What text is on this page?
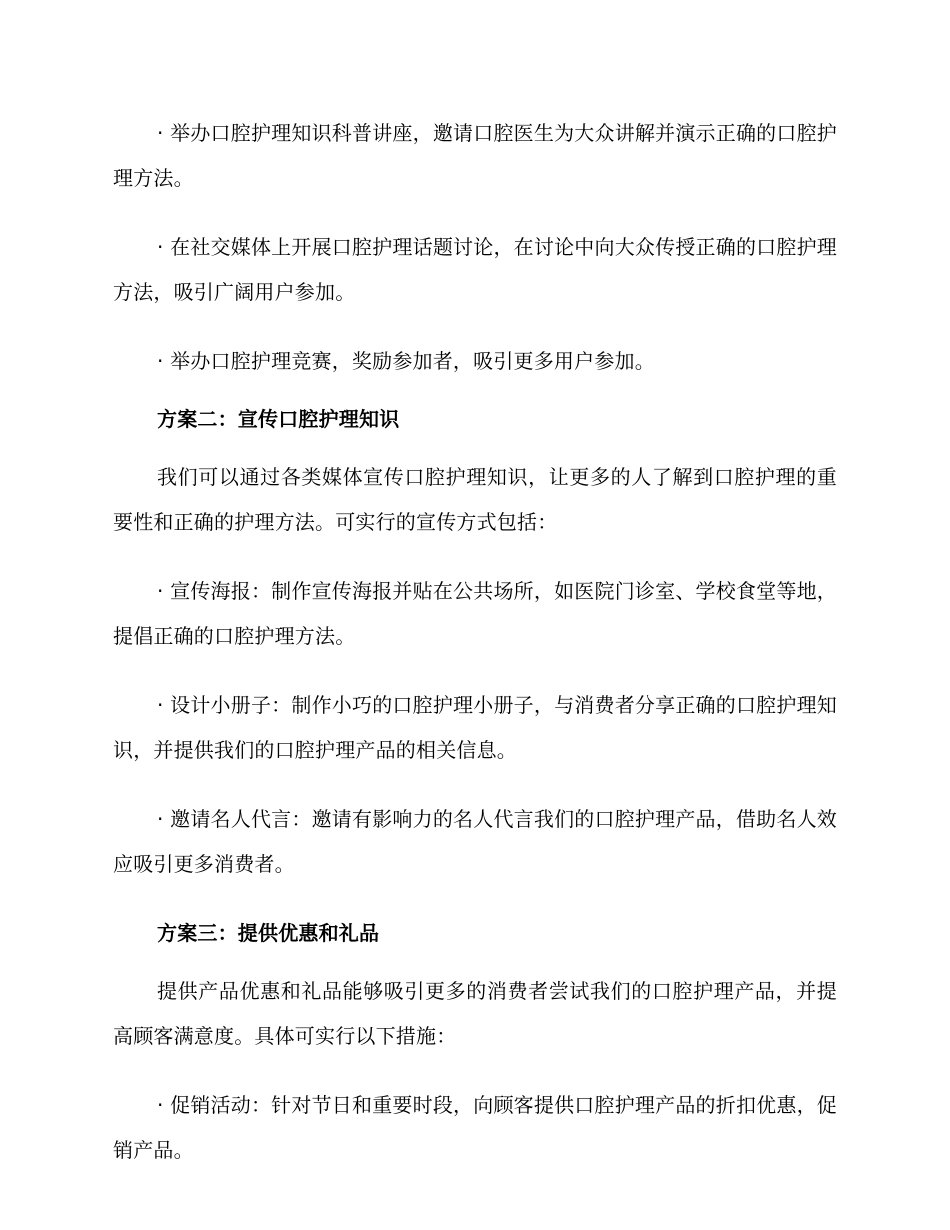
· 举办口腔护理知识科普讲座，邀请口腔医生为大众讲解并演示正确的口腔护理方法。

· 在社交媒体上开展口腔护理话题讨论，在讨论中向大众传授正确的口腔护理方法，吸引广阔用户参加。

· 举办口腔护理竞赛，奖励参加者，吸引更多用户参加。

方案二：宣传口腔护理知识

我们可以通过各类媒体宣传口腔护理知识，让更多的人了解到口腔护理的重要性和正确的护理方法。可实行的宣传方式包括：

· 宣传海报：制作宣传海报并贴在公共场所，如医院门诊室、学校食堂等地，提倡正确的口腔护理方法。

· 设计小册子：制作小巧的口腔护理小册子，与消费者分享正确的口腔护理知识，并提供我们的口腔护理产品的相关信息。

· 邀请名人代言：邀请有影响力的名人代言我们的口腔护理产品，借助名人效应吸引更多消费者。

方案三：提供优惠和礼品

提供产品优惠和礼品能够吸引更多的消费者尝试我们的口腔护理产品，并提高顾客满意度。具体可实行以下措施：

· 促销活动：针对节日和重要时段，向顾客提供口腔护理产品的折扣优惠，促销产品。
